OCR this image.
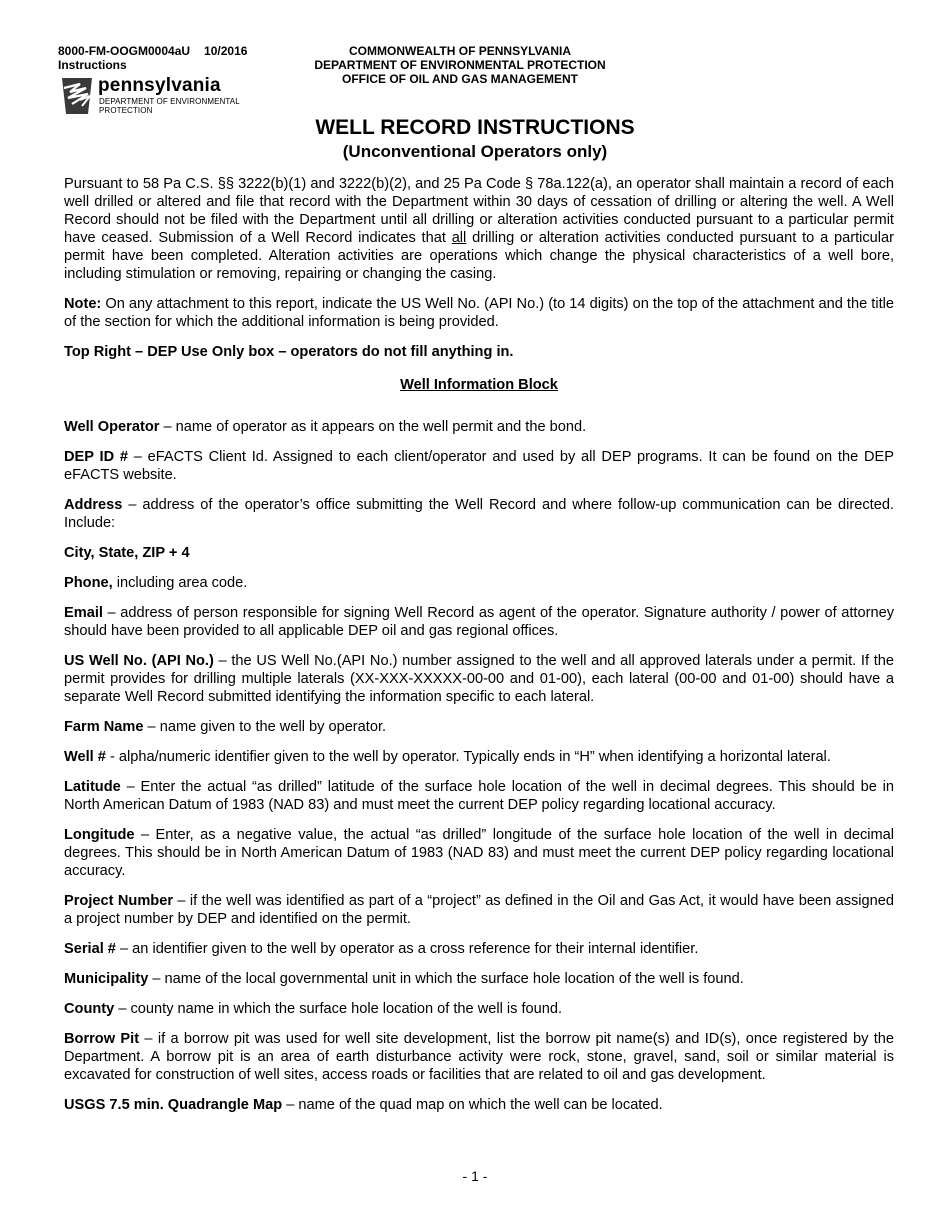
8000-FM-OOGM0004aU 10/2016
Instructions
pennsylvania
DEPARTMENT OF ENVIRONMENTAL
PROTECTION
COMMONWEALTH OF PENNSYLVANIA
DEPARTMENT OF ENVIRONMENTAL PROTECTION
OFFICE OF OIL AND GAS MANAGEMENT
WELL RECORD INSTRUCTIONS
(Unconventional Operators only)

Pursuant to 58 Pa C.S. §§ 3222(b)(1) and 3222(b)(2), and 25 Pa Code § 78a.122(a), an operator shall maintain a record of each well drilled or altered and file that record with the Department within 30 days of cessation of drilling or altering the well. A Well Record should not be filed with the Department until all drilling or alteration activities conducted pursuant to a particular permit have ceased. Submission of a Well Record indicates that all drilling or alteration activities conducted pursuant to a particular permit have been completed. Alteration activities are operations which change the physical characteristics of a well bore, including stimulation or removing, repairing or changing the casing.

Note: On any attachment to this report, indicate the US Well No. (API No.) (to 14 digits) on the top of the attachment and the title of the section for which the additional information is being provided.

Top Right – DEP Use Only box – operators do not fill anything in.

Well Information Block

Well Operator – name of operator as it appears on the well permit and the bond.

DEP ID # – eFACTS Client Id. Assigned to each client/operator and used by all DEP programs. It can be found on the DEP eFACTS website.

Address – address of the operator’s office submitting the Well Record and where follow-up communication can be directed. Include:

City, State, ZIP + 4

Phone, including area code.

Email – address of person responsible for signing Well Record as agent of the operator. Signature authority / power of attorney should have been provided to all applicable DEP oil and gas regional offices.

US Well No. (API No.) – the US Well No.(API No.) number assigned to the well and all approved laterals under a permit. If the permit provides for drilling multiple laterals (XX-XXX-XXXXX-00-00 and 01-00), each lateral (00-00 and 01-00) should have a separate Well Record submitted identifying the information specific to each lateral.

Farm Name – name given to the well by operator.

Well # - alpha/numeric identifier given to the well by operator. Typically ends in “H” when identifying a horizontal lateral.

Latitude – Enter the actual “as drilled” latitude of the surface hole location of the well in decimal degrees. This should be in North American Datum of 1983 (NAD 83) and must meet the current DEP policy regarding locational accuracy.

Longitude – Enter, as a negative value, the actual “as drilled” longitude of the surface hole location of the well in decimal degrees. This should be in North American Datum of 1983 (NAD 83) and must meet the current DEP policy regarding locational accuracy.

Project Number – if the well was identified as part of a “project” as defined in the Oil and Gas Act, it would have been assigned a project number by DEP and identified on the permit.

Serial # – an identifier given to the well by operator as a cross reference for their internal identifier.

Municipality – name of the local governmental unit in which the surface hole location of the well is found.

County – county name in which the surface hole location of the well is found.

Borrow Pit – if a borrow pit was used for well site development, list the borrow pit name(s) and ID(s), once registered by the Department. A borrow pit is an area of earth disturbance activity were rock, stone, gravel, sand, soil or similar material is excavated for construction of well sites, access roads or facilities that are related to oil and gas development.

USGS 7.5 min. Quadrangle Map – name of the quad map on which the well can be located.

- 1 -
